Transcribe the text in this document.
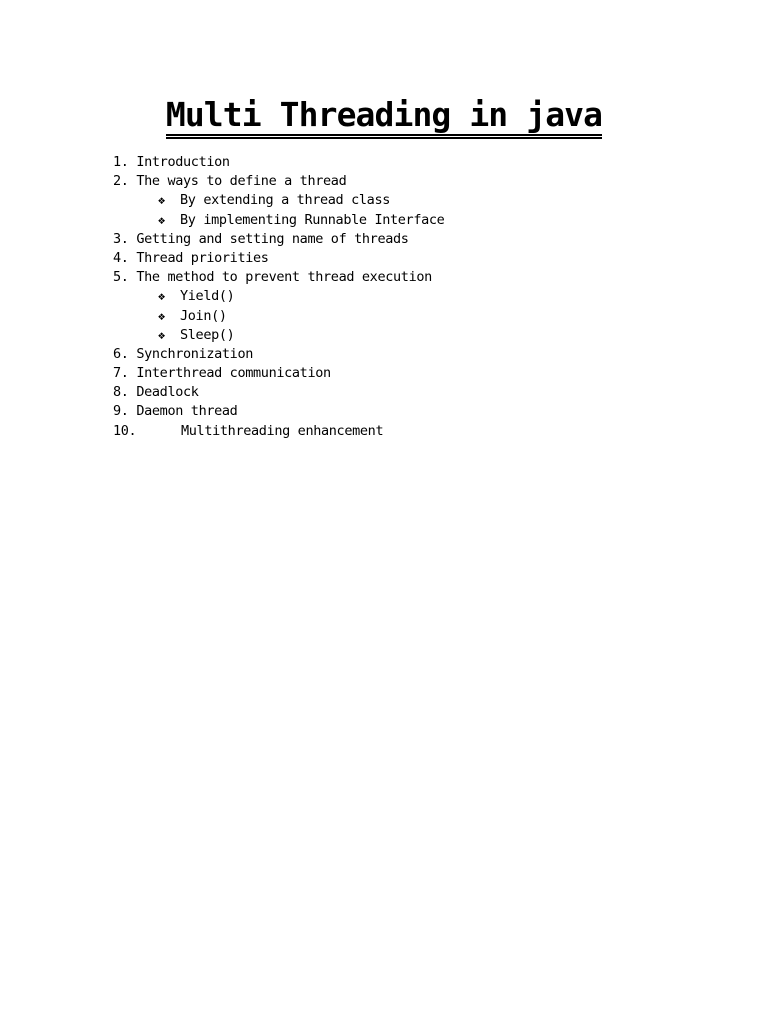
Multi Threading in java
1. Introduction
2. The ways to define a thread
❖ By extending a thread class
❖ By implementing Runnable Interface
3. Getting and setting name of threads
4. Thread priorities
5. The method to prevent thread execution
❖ Yield()
❖ Join()
❖ Sleep()
6. Synchronization
7. Interthread communication
8. Deadlock
9. Daemon thread
10.	Multithreading enhancement
